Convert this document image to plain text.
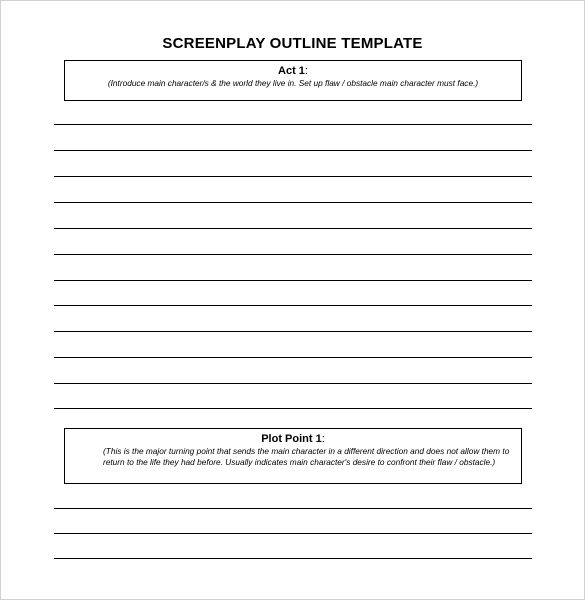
SCREENPLAY OUTLINE TEMPLATE
Act 1:
(Introduce main character/s & the world they live in. Set up flaw / obstacle main character must face.)
Plot Point 1:
(This is the major turning point that sends the main character in a different direction and does not allow them to return to the life they had before. Usually indicates main character's desire to confront their flaw / obstacle.)
